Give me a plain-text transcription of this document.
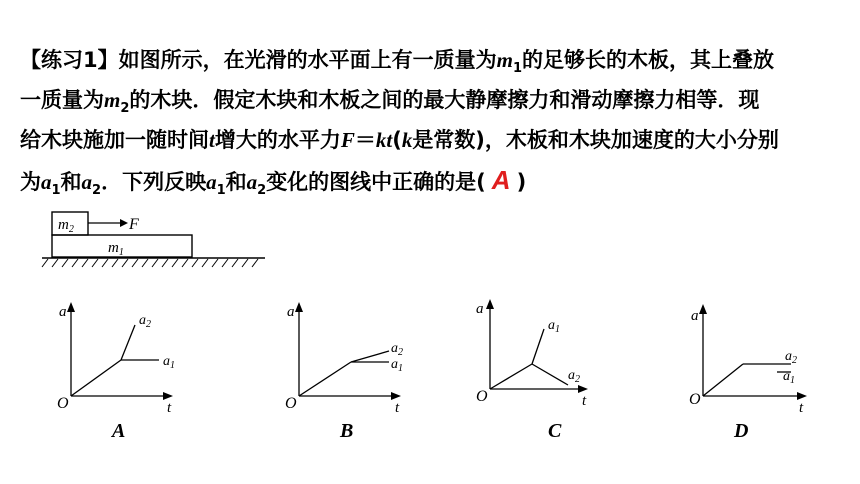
【练习1】如图所示，在光滑的水平面上有一质量为$m_1$的足够长的木板，其上叠放
一质量为$m_2$的木块．假定木块和木板之间的最大静摩擦力和滑动摩擦力相等．现
给木块施加一随时间t增大的水平力F＝kt(k是常数)，木板和木块加速度的大小分别
为$a_1$和$a_2$．下列反映$a_1$和$a_2$变化的图线中正确的是( A )
$m_2$	F
$m_1$
a
t
O
$a_2$
$a_1$
A
a
t
O
$a_2$
$a_1$
B
a
t
O
$a_1$
$a_2$
C
a
t
O
$a_2$
$a_1$
D
